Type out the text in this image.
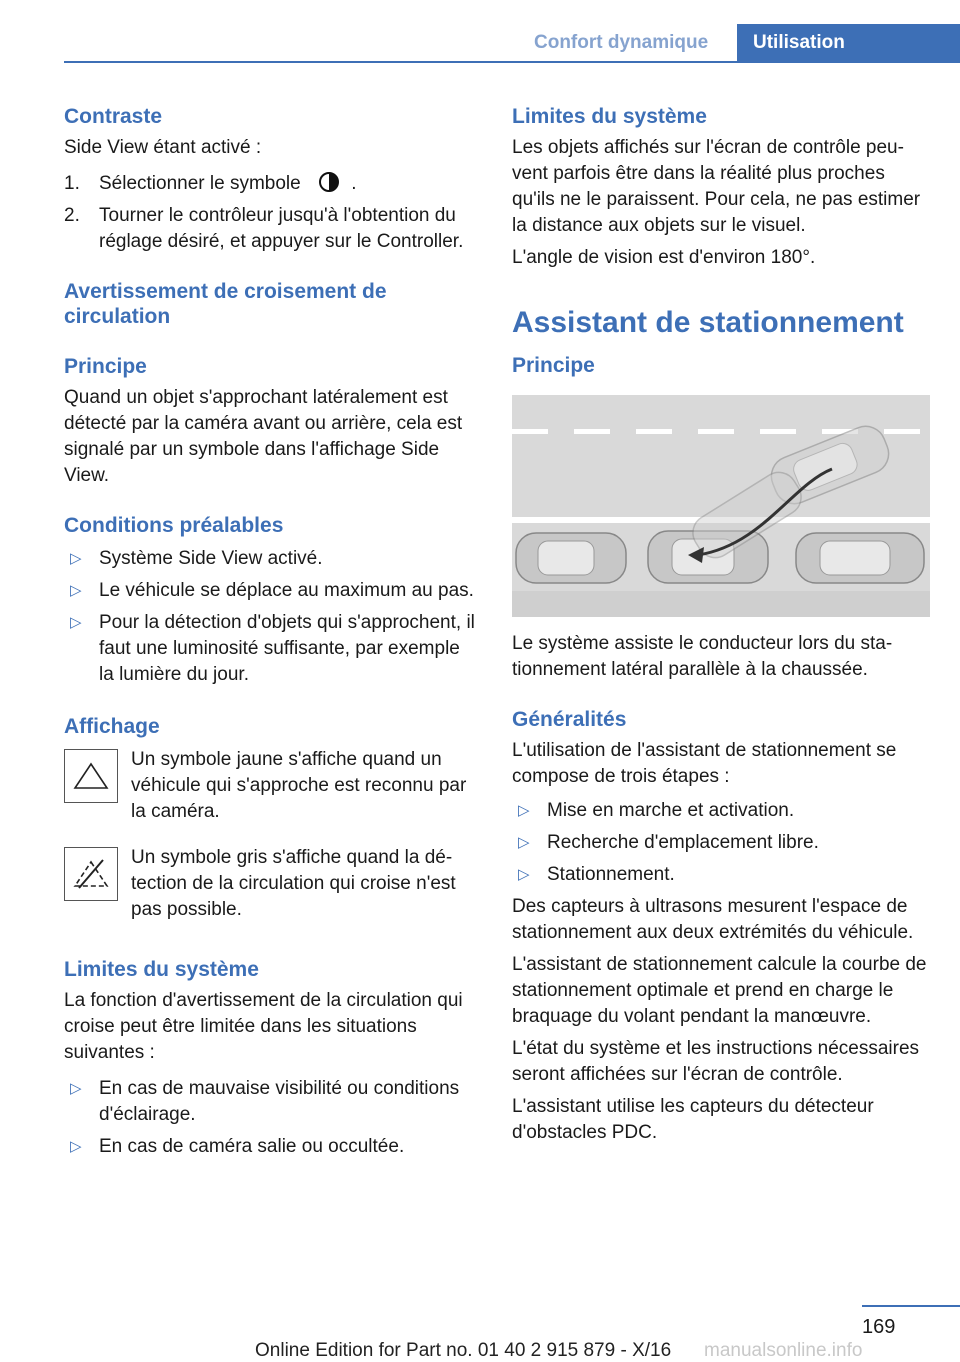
Confort dynamique	Utilisation
Contraste
Side View étant activé :
1. Sélectionner le symbole	.
2. Tourner le contrôleur jusqu'à l'obtention du réglage désiré, et appuyer sur le Controller.
Avertissement de croisement de circulation
Principe
Quand un objet s'approchant latéralement est détecté par la caméra avant ou arrière, cela est signalé par un symbole dans l'affichage Side View.
Conditions préalables
▷ Système Side View activé.
▷ Le véhicule se déplace au maximum au pas.
▷ Pour la détection d'objets qui s'approchent, il faut une luminosité suffisante, par exemple la lumière du jour.
Affichage
Un symbole jaune s'affiche quand un véhicule qui s'approche est reconnu par la caméra.
Un symbole gris s'affiche quand la détection de la circulation qui croise n'est pas possible.
Limites du système
La fonction d'avertissement de la circulation qui croise peut être limitée dans les situations suivantes :
▷ En cas de mauvaise visibilité ou conditions d'éclairage.
▷ En cas de caméra salie ou occultée.
Limites du système
Les objets affichés sur l'écran de contrôle peuvent parfois être dans la réalité plus proches qu'ils ne le paraissent. Pour cela, ne pas estimer la distance aux objets sur le visuel.
L'angle de vision est d'environ 180°.
Assistant de stationnement
Principe
Le système assiste le conducteur lors du stationnement latéral parallèle à la chaussée.
Généralités
L'utilisation de l'assistant de stationnement se compose de trois étapes :
▷ Mise en marche et activation.
▷ Recherche d'emplacement libre.
▷ Stationnement.
Des capteurs à ultrasons mesurent l'espace de stationnement aux deux extrémités du véhicule.
L'assistant de stationnement calcule la courbe de stationnement optimale et prend en charge le braquage du volant pendant la manœuvre.
L'état du système et les instructions nécessaires seront affichées sur l'écran de contrôle.
L'assistant utilise les capteurs du détecteur d'obstacles PDC.
169
Online Edition for Part no. 01 40 2 915 879 - X/16 manualsonline.info
